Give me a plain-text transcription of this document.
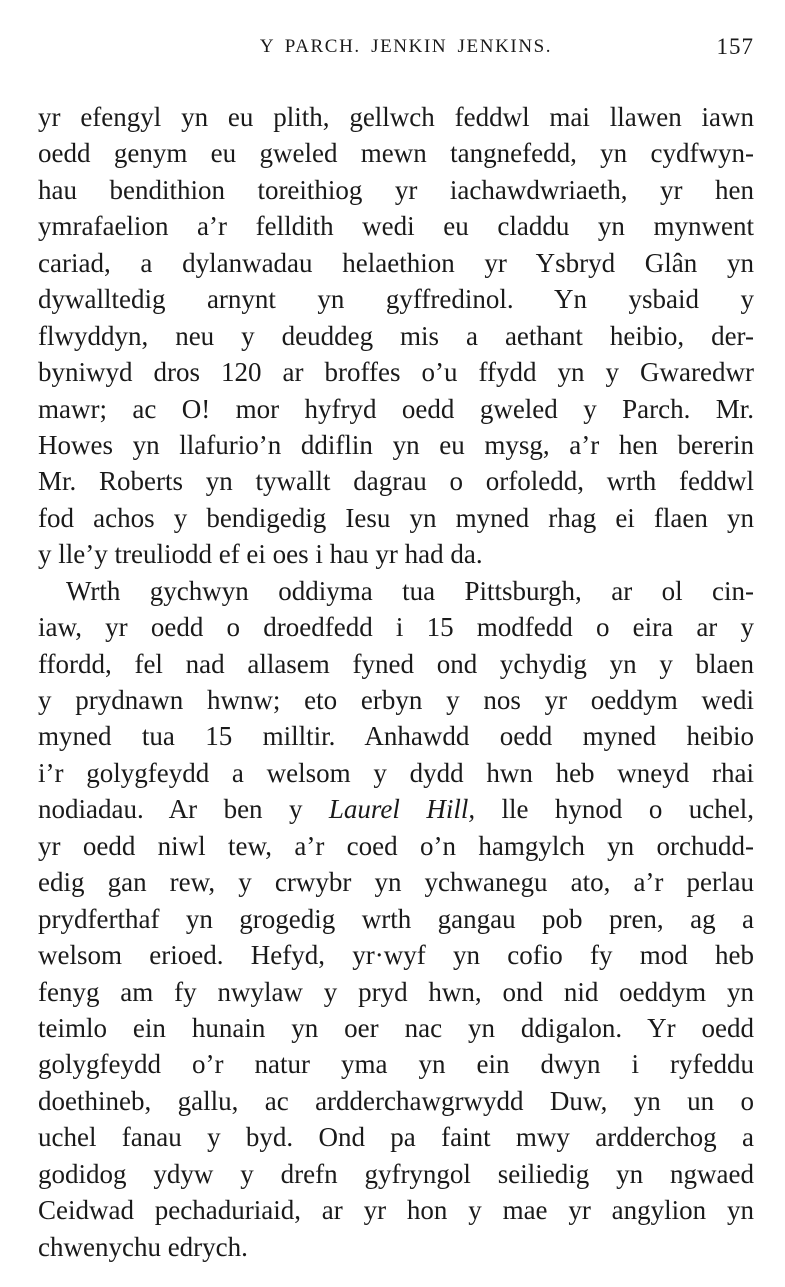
Y PARCH. JENKIN JENKINS.	157
yr efengyl yn eu plith, gellwch feddwl mai llawen iawn
oedd genym eu gweled mewn tangnefedd, yn cydfwyn-
hau bendithion toreithiog yr iachawdwriaeth, yr hen
ymrafaelion a’r felldith wedi eu claddu yn mynwent
cariad, a dylanwadau helaethion yr Ysbryd Glân yn
dywalltedig arnynt yn gyffredinol. Yn ysbaid y
flwyddyn, neu y deuddeg mis a aethant heibio, der-
byniwyd dros 120 ar broffes o’u ffydd yn y Gwaredwr
mawr; ac O! mor hyfryd oedd gweled y Parch. Mr.
Howes yn llafurio’n ddiflin yn eu mysg, a’r hen bererin
Mr. Roberts yn tywallt dagrau o orfoledd, wrth feddwl
fod achos y bendigedig Iesu yn myned rhag ei flaen yn
y lle’y treuliodd ef ei oes i hau yr had da.
Wrth gychwyn oddiyma tua Pittsburgh, ar ol cin-
iaw, yr oedd o droedfedd i 15 modfedd o eira ar y
ffordd, fel nad allasem fyned ond ychydig yn y blaen
y prydnawn hwnw; eto erbyn y nos yr oeddym wedi
myned tua 15 milltir. Anhawdd oedd myned heibio
i’r golygfeydd a welsom y dydd hwn heb wneyd rhai
nodiadau. Ar ben y Laurel Hill, lle hynod o uchel,
yr oedd niwl tew, a’r coed o’n hamgylch yn orchudd-
edig gan rew, y crwybr yn ychwanegu ato, a’r perlau
prydferthaf yn grogedig wrth gangau pob pren, ag a
welsom erioed. Hefyd, yr·wyf yn cofio fy mod heb
fenyg am fy nwylaw y pryd hwn, ond nid oeddym yn
teimlo ein hunain yn oer nac yn ddigalon. Yr oedd
golygfeydd o’r natur yma yn ein dwyn i ryfeddu
doethineb, gallu, ac ardderchawgrwydd Duw, yn un o
uchel fanau y byd. Ond pa faint mwy ardderchog a
godidog ydyw y drefn gyfryngol seiliedig yn ngwaed
Ceidwad pechaduriaid, ar yr hon y mae yr angylion yn
chwenychu edrych.
